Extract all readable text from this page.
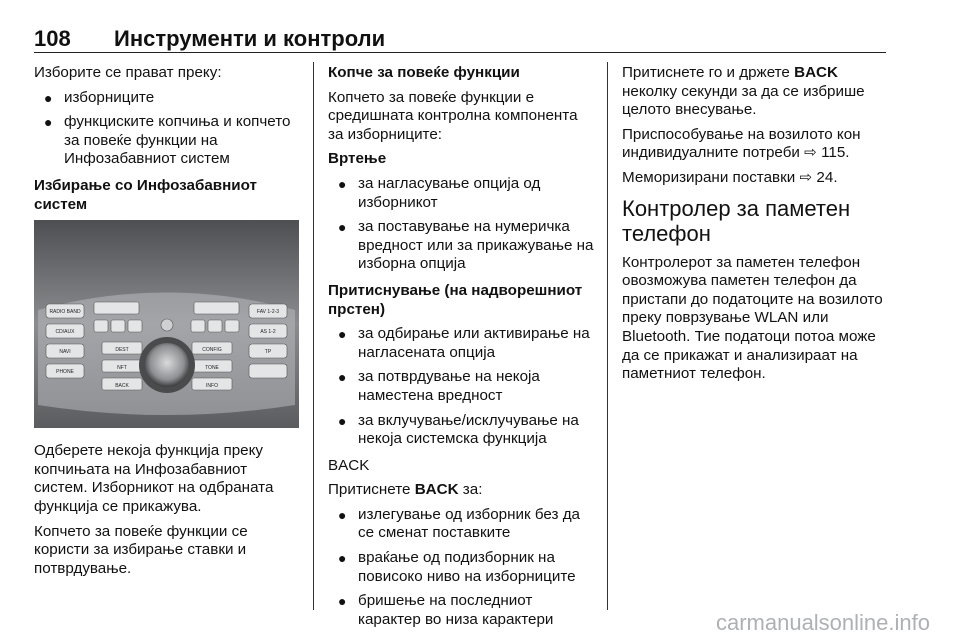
108 Инструменти и контроли

Изборите се прават преку:

● изборниците
● функциските копчиња и копчето за повеќе функции на Инфозабавниот систем
Избирање со Инфозабавниот систем
RADIO BAND
CD/AUX
NAVI
PHONE
FAV 1-2-3
AS 1-2
TP
DEST	CONFIG
NFT	TONE
BACK	INFO

Одберете некоја функција преку копчињата на Инфозабавниот систем. Изборникот на одбраната функција се прикажува.

Копчето за повеќе функции се користи за избирање ставки и потврдување.

Копче за повеќе функции

Копчето за повеќе функции е средишната контролна компонента за изборниците:

Вртење
● за нагласување опција од изборникот
● за поставување на нумеричка вредност или за прикажување на изборна опција
Притиснување (на надворешниот прстен)
● за одбирање или активирање на нагласената опција
● за потврдување на некоја наместена вредност
● за вклучување/исклучување на некоја системска функција

BACK

Притиснете BACK за:

● излегување од изборник без да се сменат поставките
● враќање од подизборник на повисоко ниво на изборниците
● бришење на последниот карактер во низа карактери

Притиснете го и држете BACK неколку секунди за да се избрише целото внесување.

Приспособување на возилото кон индивидуалните потреби ⇨ 115.

Меморизирани поставки ⇨ 24.

Контролер за паметен телефон

Контролерот за паметен телефон овозможува паметен телефон да пристапи до податоците на возилото преку поврзување WLAN или Bluetooth. Тие податоци потоа може да се прикажат и анализираат на паметниот телефон.

carmanualsonline.info
